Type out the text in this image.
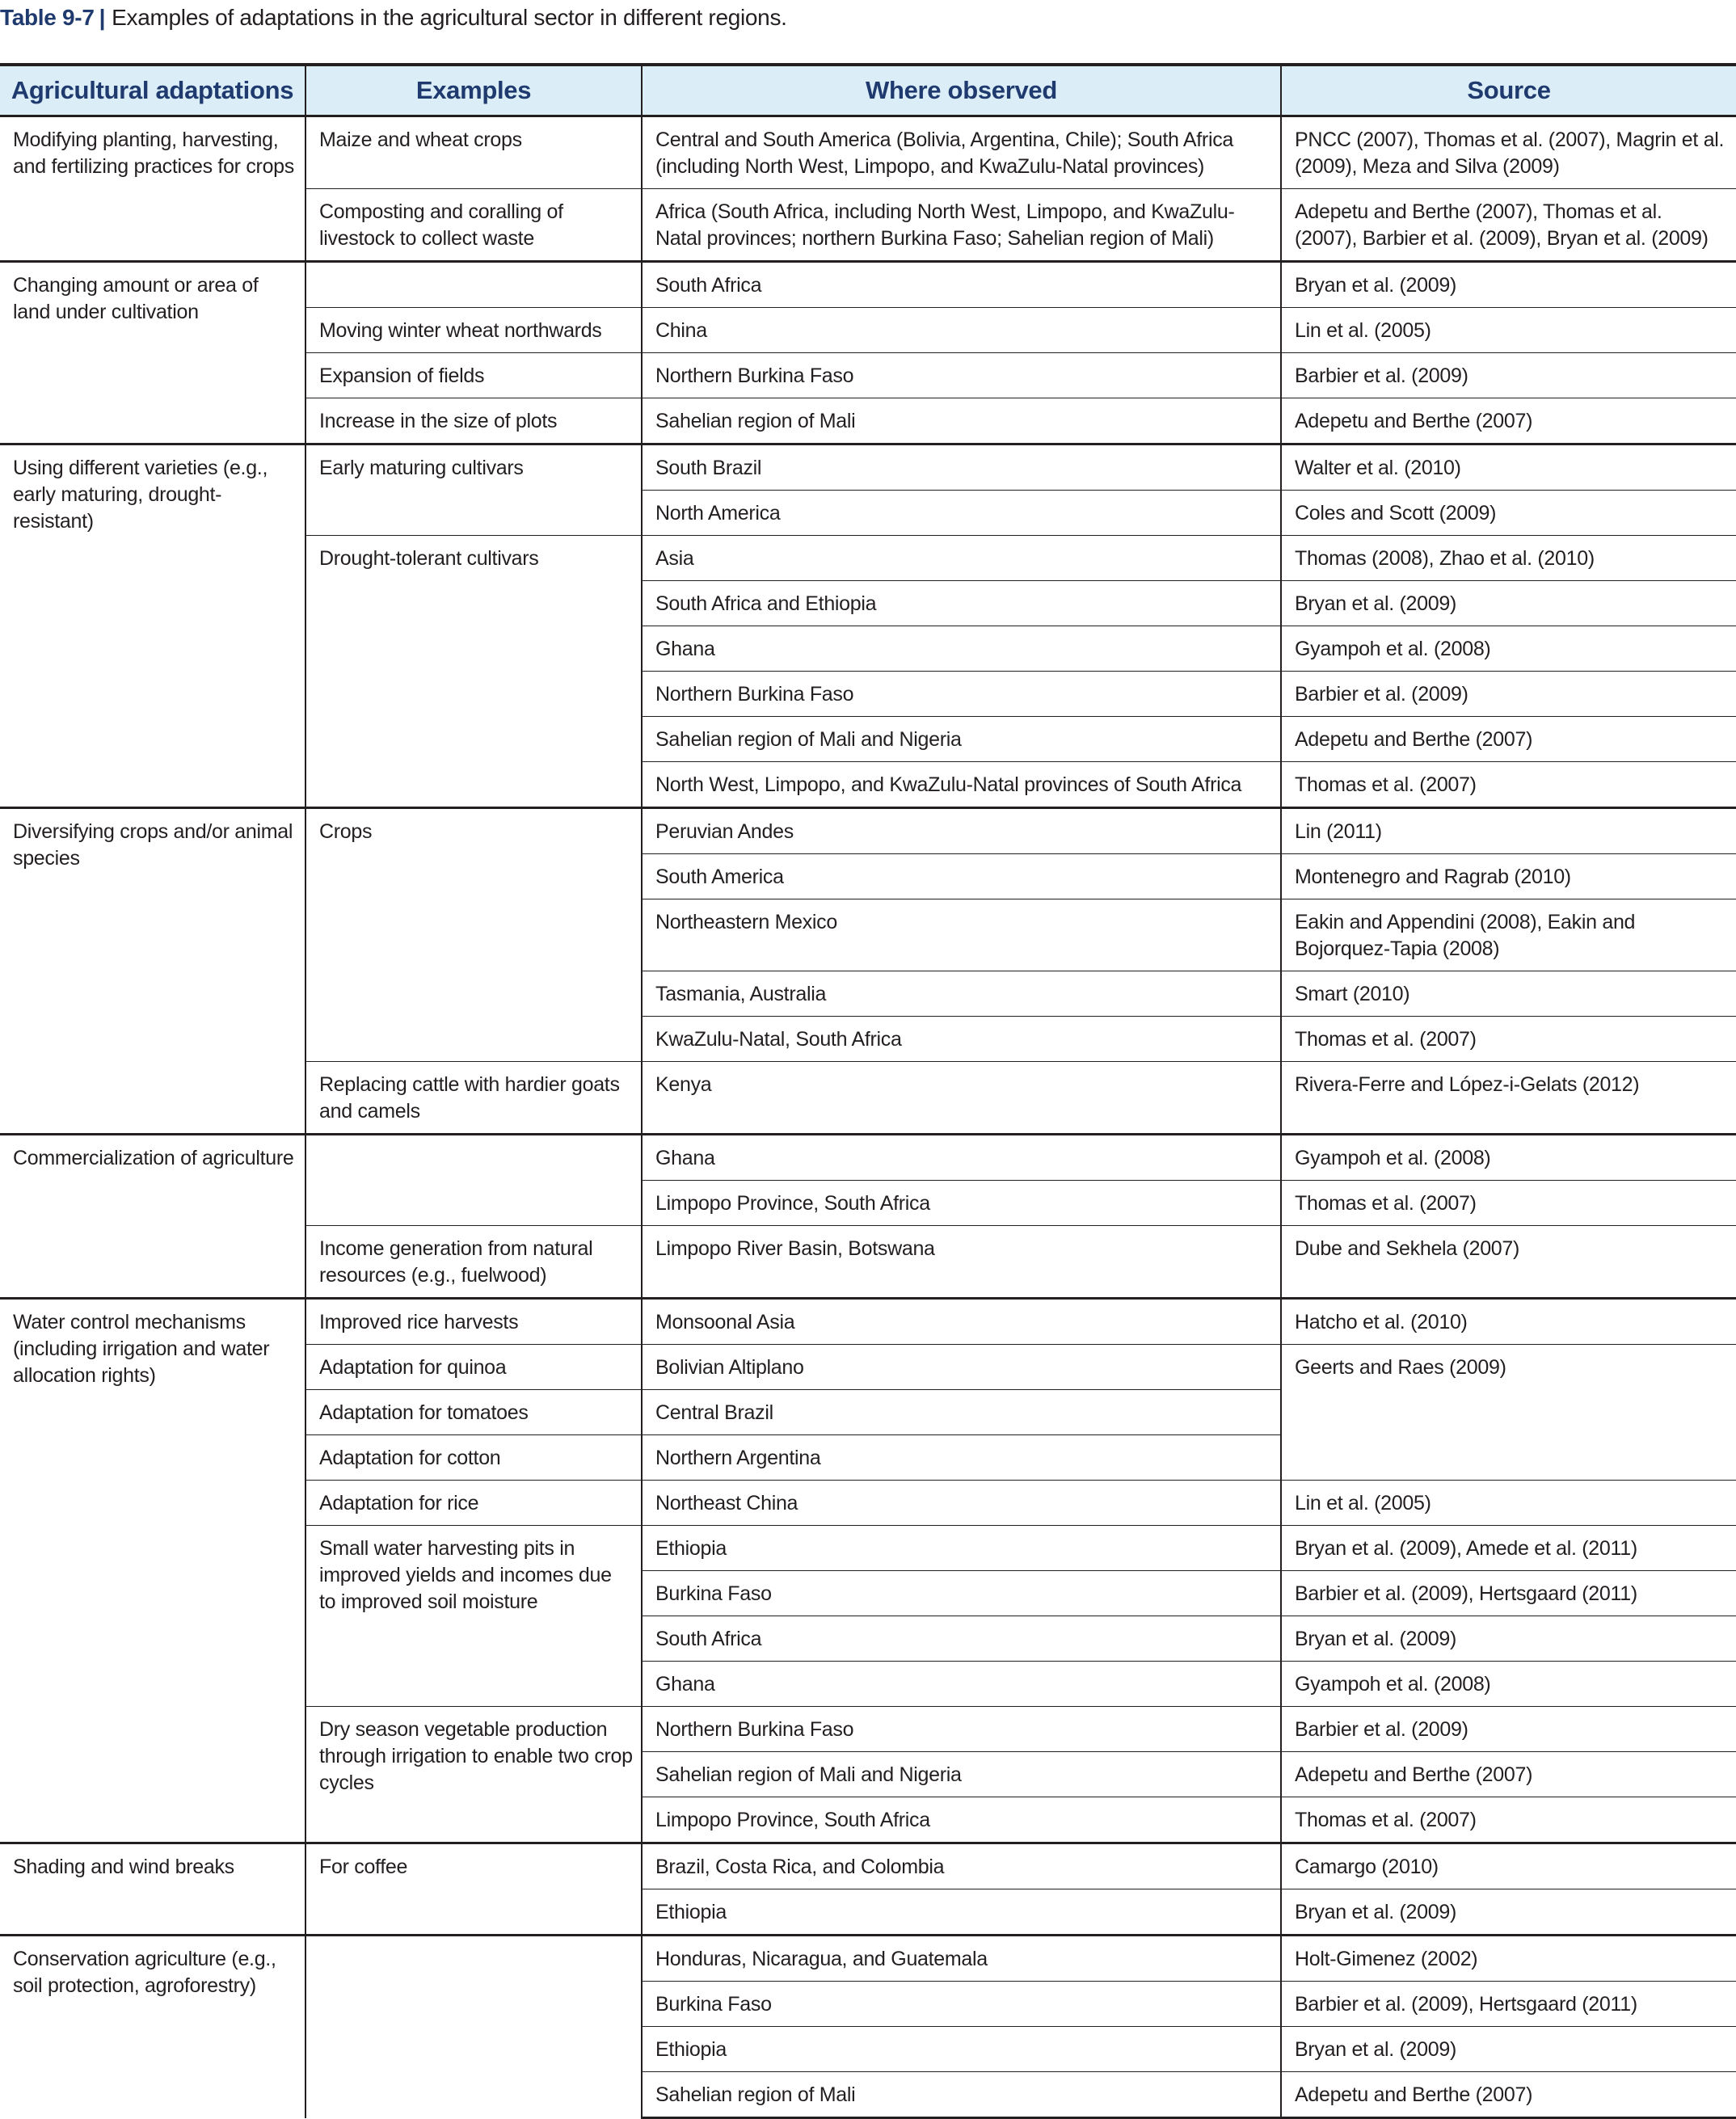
Table 9-7 | Examples of adaptations in the agricultural sector in different regions.
Agricultural adaptations	Examples	Where observed	Source
Modifying planting, harvesting, and fertilizing practices for crops	Maize and wheat crops	Central and South America (Bolivia, Argentina, Chile); South Africa (including North West, Limpopo, and KwaZulu-Natal provinces)	PNCC (2007), Thomas et al. (2007), Magrin et al. (2009), Meza and Silva (2009)
	Composting and coralling of livestock to collect waste	Africa (South Africa, including North West, Limpopo, and KwaZulu-Natal provinces; northern Burkina Faso; Sahelian region of Mali)	Adepetu and Berthe (2007), Thomas et al. (2007), Barbier et al. (2009), Bryan et al. (2009)
Changing amount or area of land under cultivation		South Africa	Bryan et al. (2009)
	Moving winter wheat northwards	China	Lin et al. (2005)
	Expansion of fields	Northern Burkina Faso	Barbier et al. (2009)
	Increase in the size of plots	Sahelian region of Mali	Adepetu and Berthe (2007)
Using different varieties (e.g., early maturing, drought-resistant)	Early maturing cultivars	South Brazil	Walter et al. (2010)
		North America	Coles and Scott (2009)
	Drought-tolerant cultivars	Asia	Thomas (2008), Zhao et al. (2010)
		South Africa and Ethiopia	Bryan et al. (2009)
		Ghana	Gyampoh et al. (2008)
		Northern Burkina Faso	Barbier et al. (2009)
		Sahelian region of Mali and Nigeria	Adepetu and Berthe (2007)
		North West, Limpopo, and KwaZulu-Natal provinces of South Africa	Thomas et al. (2007)
Diversifying crops and/or animal species	Crops	Peruvian Andes	Lin (2011)
		South America	Montenegro and Ragrab (2010)
		Northeastern Mexico	Eakin and Appendini (2008), Eakin and Bojorquez-Tapia (2008)
		Tasmania, Australia	Smart (2010)
		KwaZulu-Natal, South Africa	Thomas et al. (2007)
	Replacing cattle with hardier goats and camels	Kenya	Rivera-Ferre and López-i-Gelats (2012)
Commercialization of agriculture		Ghana	Gyampoh et al. (2008)
		Limpopo Province, South Africa	Thomas et al. (2007)
	Income generation from natural resources (e.g., fuelwood)	Limpopo River Basin, Botswana	Dube and Sekhela (2007)
Water control mechanisms (including irrigation and water allocation rights)	Improved rice harvests	Monsoonal Asia	Hatcho et al. (2010)
	Adaptation for quinoa	Bolivian Altiplano	Geerts and Raes (2009)
	Adaptation for tomatoes	Central Brazil	
	Adaptation for cotton	Northern Argentina	
	Adaptation for rice	Northeast China	Lin et al. (2005)
	Small water harvesting pits in improved yields and incomes due to improved soil moisture	Ethiopia	Bryan et al. (2009), Amede et al. (2011)
		Burkina Faso	Barbier et al. (2009), Hertsgaard (2011)
		South Africa	Bryan et al. (2009)
		Ghana	Gyampoh et al. (2008)
	Dry season vegetable production through irrigation to enable two crop cycles	Northern Burkina Faso	Barbier et al. (2009)
		Sahelian region of Mali and Nigeria	Adepetu and Berthe (2007)
		Limpopo Province, South Africa	Thomas et al. (2007)
Shading and wind breaks	For coffee	Brazil, Costa Rica, and Colombia	Camargo (2010)
		Ethiopia	Bryan et al. (2009)
Conservation agriculture (e.g., soil protection, agroforestry)		Honduras, Nicaragua, and Guatemala	Holt-Gimenez (2002)
		Burkina Faso	Barbier et al. (2009), Hertsgaard (2011)
		Ethiopia	Bryan et al. (2009)
		Sahelian region of Mali	Adepetu and Berthe (2007)
